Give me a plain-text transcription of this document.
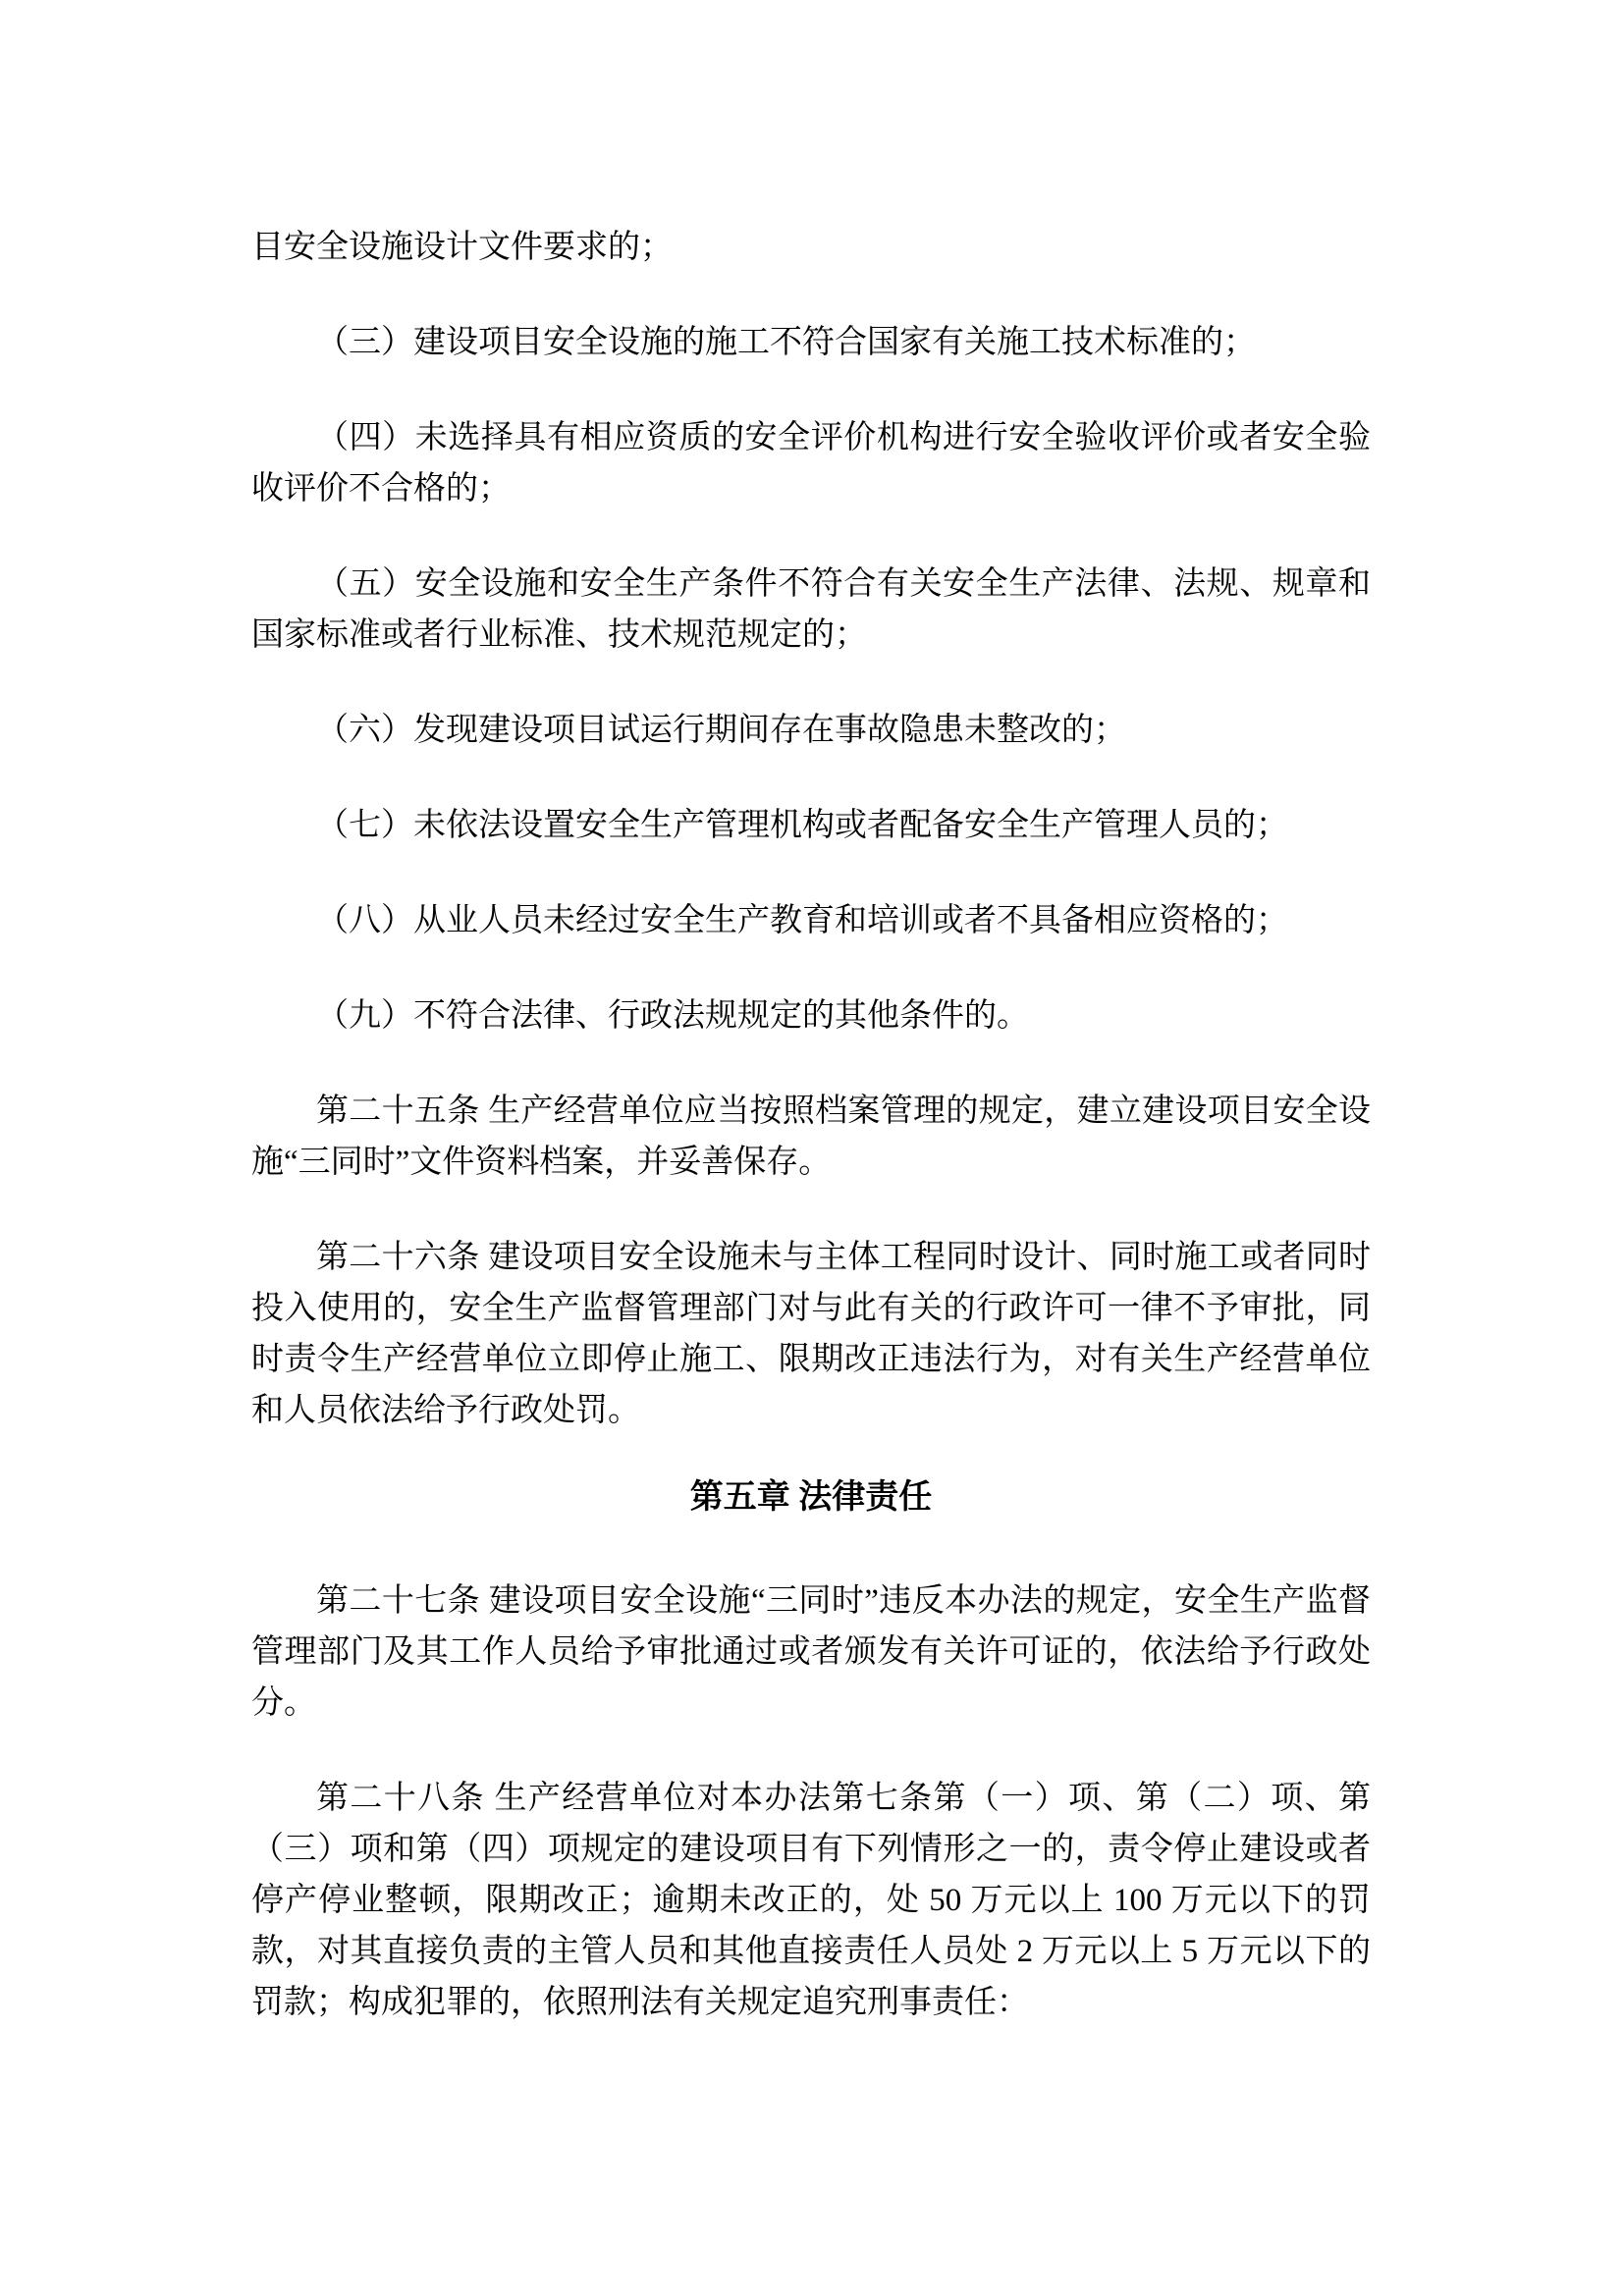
目安全设施设计文件要求的；

（三）建设项目安全设施的施工不符合国家有关施工技术标准的；

（四）未选择具有相应资质的安全评价机构进行安全验收评价或者安全验收评价不合格的；

（五）安全设施和安全生产条件不符合有关安全生产法律、法规、规章和国家标准或者行业标准、技术规范规定的；

（六）发现建设项目试运行期间存在事故隐患未整改的；

（七）未依法设置安全生产管理机构或者配备安全生产管理人员的；

（八）从业人员未经过安全生产教育和培训或者不具备相应资格的；

（九）不符合法律、行政法规规定的其他条件的。

第二十五条 生产经营单位应当按照档案管理的规定，建立建设项目安全设施“三同时”文件资料档案，并妥善保存。

第二十六条 建设项目安全设施未与主体工程同时设计、同时施工或者同时投入使用的，安全生产监督管理部门对与此有关的行政许可一律不予审批，同时责令生产经营单位立即停止施工、限期改正违法行为，对有关生产经营单位和人员依法给予行政处罚。

第五章 法律责任

第二十七条 建设项目安全设施“三同时”违反本办法的规定，安全生产监督管理部门及其工作人员给予审批通过或者颁发有关许可证的，依法给予行政处分。

第二十八条 生产经营单位对本办法第七条第（一）项、第（二）项、第（三）项和第（四）项规定的建设项目有下列情形之一的，责令停止建设或者停产停业整顿，限期改正；逾期未改正的，处 50 万元以上 100 万元以下的罚款，对其直接负责的主管人员和其他直接责任人员处 2 万元以上 5 万元以下的罚款；构成犯罪的，依照刑法有关规定追究刑事责任：
